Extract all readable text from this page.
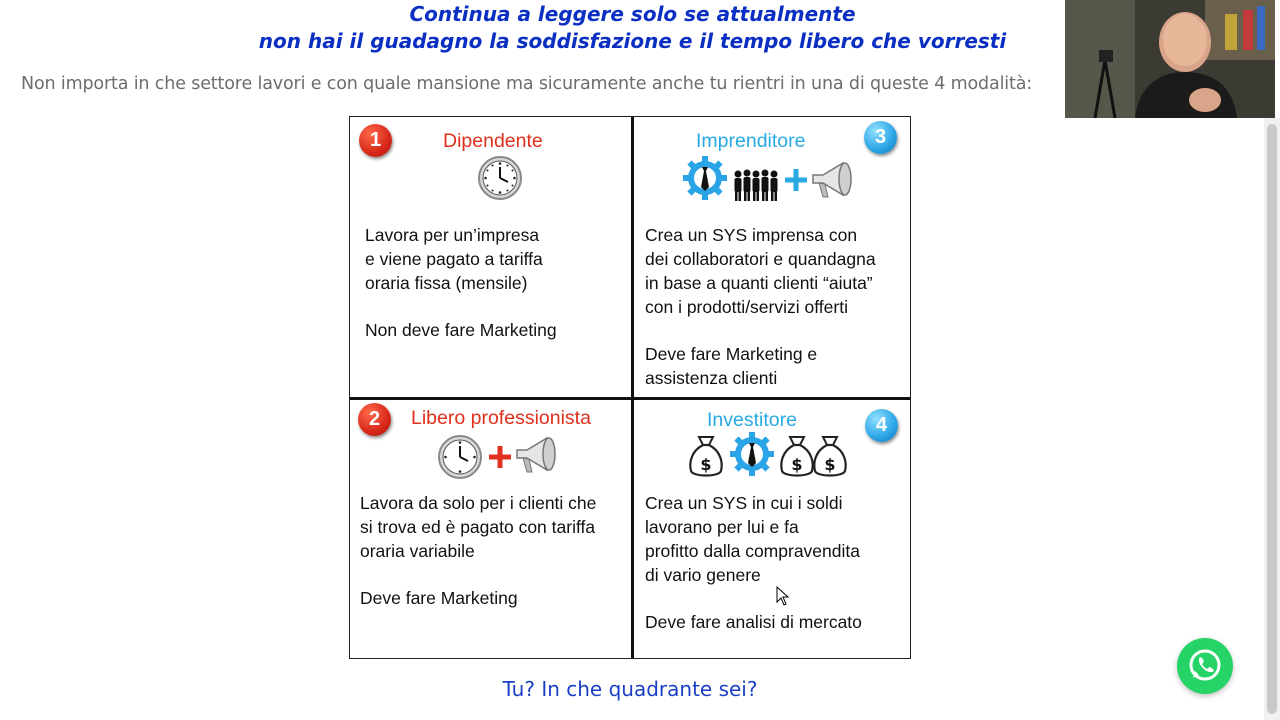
Continua a leggere solo se attualmente
non hai il guadagno la soddisfazione e il tempo libero che vorresti
Non importa in che settore lavori e con quale mansione ma sicuramente anche tu rientri in una di queste 4 modalità:
1	Dipendente
Lavora per un’impresa
e viene pagato a tariffa
oraria fissa (mensile)
Non deve fare Marketing
Imprenditore	3
Crea un SYS imprensa con
dei collaboratori e quandagna
in base a quanti clienti “aiuta”
con i prodotti/servizi offerti
Deve fare Marketing e
assistenza clienti
2	Libero professionista
Lavora da solo per i clienti che
si trova ed è pagato con tariffa
oraria variabile
Deve fare Marketing
Investitore	4
$	$ $
Crea un SYS in cui i soldi
lavorano per lui e fa
profitto dalla compravendita
di vario genere
Deve fare analisi di mercato
Tu? In che quadrante sei?
